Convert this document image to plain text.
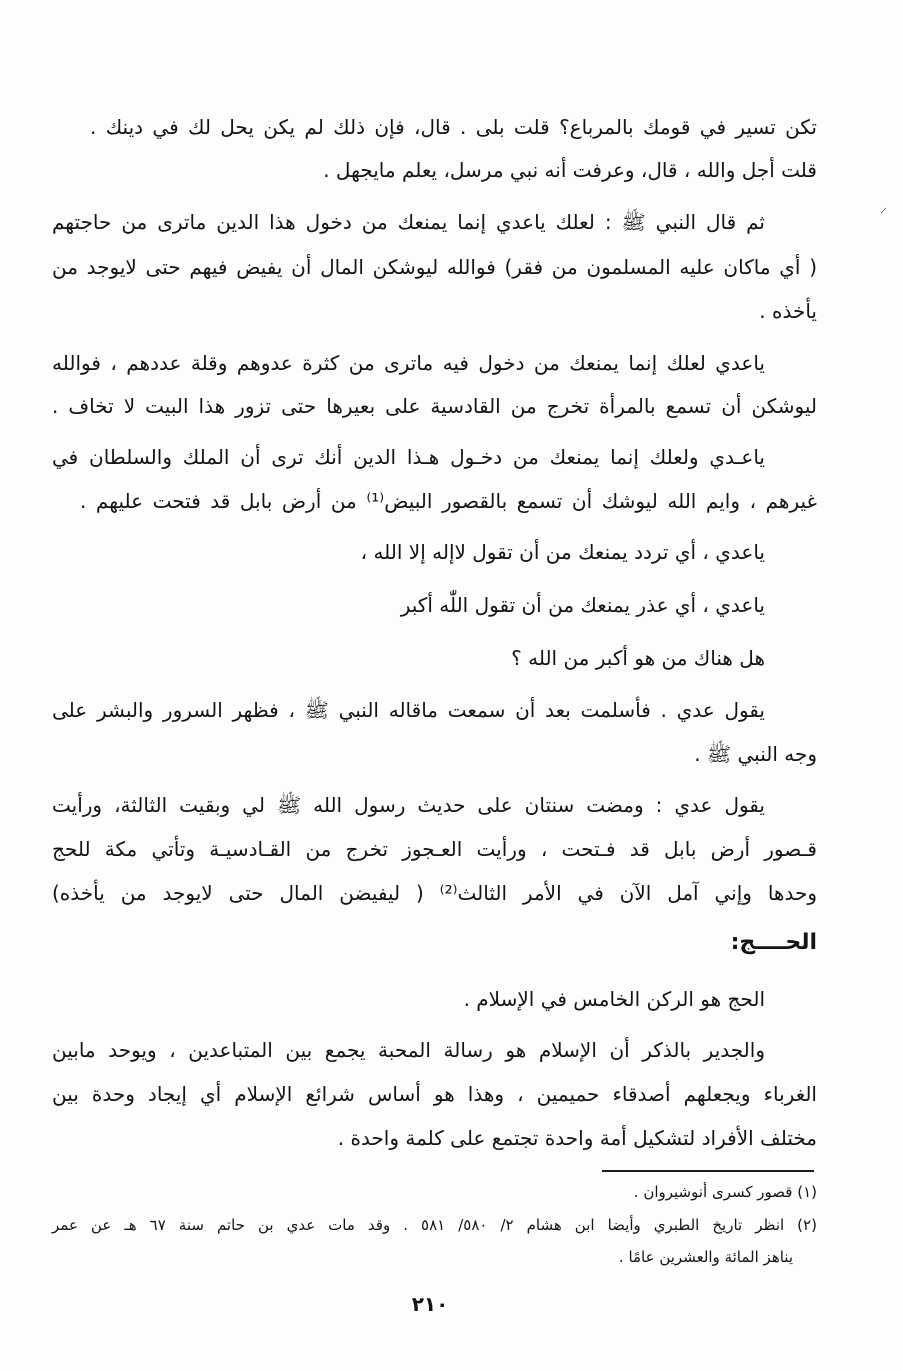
تكن تسير في قومك بالمرباع؟ قلت بلى . قال، فإن ذلك لم يكن يحل لك في دينك .

قلت أجل والله ، قال، وعرفت أنه نبي مرسل، يعلم مايجهل .

ثم قال النبي ﷺ : لعلك ياعدي إنما يمنعك من دخول هذا الدين ماترى من حاجتهم

( أي ماكان عليه المسلمون من فقر) فوالله ليوشكن المال أن يفيض فيهم حتى لايوجد من

يأخذه .

ياعدي لعلك إنما يمنعك من دخول فيه ماترى من كثرة عدوهم وقلة عددهم ، فوالله

ليوشكن أن تسمع بالمرأة تخرج من القادسية على بعيرها حتى تزور هذا البيت لا تخاف .

ياعـدي ولعلك إنما يمنعك من دخـول هـذا الدين أنك ترى أن الملك والسلطان في

غيرهم ، وايم الله ليوشك أن تسمع بالقصور البيض⁽¹⁾ من أرض بابل قد فتحت عليهم .

ياعدي ، أي تردد يمنعك من أن تقول لاإله إلا الله ،

ياعدي ، أي عذر يمنعك من أن تقول اللّٰه أكبر

هل هناك من هو أكبر من الله ؟

يقول عدي . فأسلمت بعد أن سمعت ماقاله النبي ﷺ ، فظهر السرور والبشر على

وجه النبي ﷺ .

يقول عدي : ومضت سنتان على حديث رسول الله ﷺ لي وبقيت الثالثة، ورأيت

قـصور أرض بابل قد فـتحت ، ورأيت العـجوز تخرج من القـادسيـة وتأتي مكة للحج

وحدها وإني آمل الآن في الأمر الثالث⁽²⁾ ( ليفيضن المال حتى لايوجد من يأخذه)

الحــــج:

الحج هو الركن الخامس في الإسلام .

والجدير بالذكر أن الإسلام هو رسالة المحبة يجمع بين المتباعدين ، ويوحد مابين

الغرباء ويجعلهم أصدقاء حميمين ، وهذا هو أساس شرائع الإسلام أي إيجاد وحدة بين

مختلف الأفراد لتشكيل أمة واحدة تجتمع على كلمة واحدة .

(١) قصور كسرى أنوشيروان .

(٢) انظر تاريخ الطبري وأيضا ابن هشام ٢/ ٥٨٠/ ٥٨١ . وقد مات عدي بن حاتم سنة ٦٧ هـ عن عمر

يناهز المائة والعشرين عامًا .

٢١٠
⸝
